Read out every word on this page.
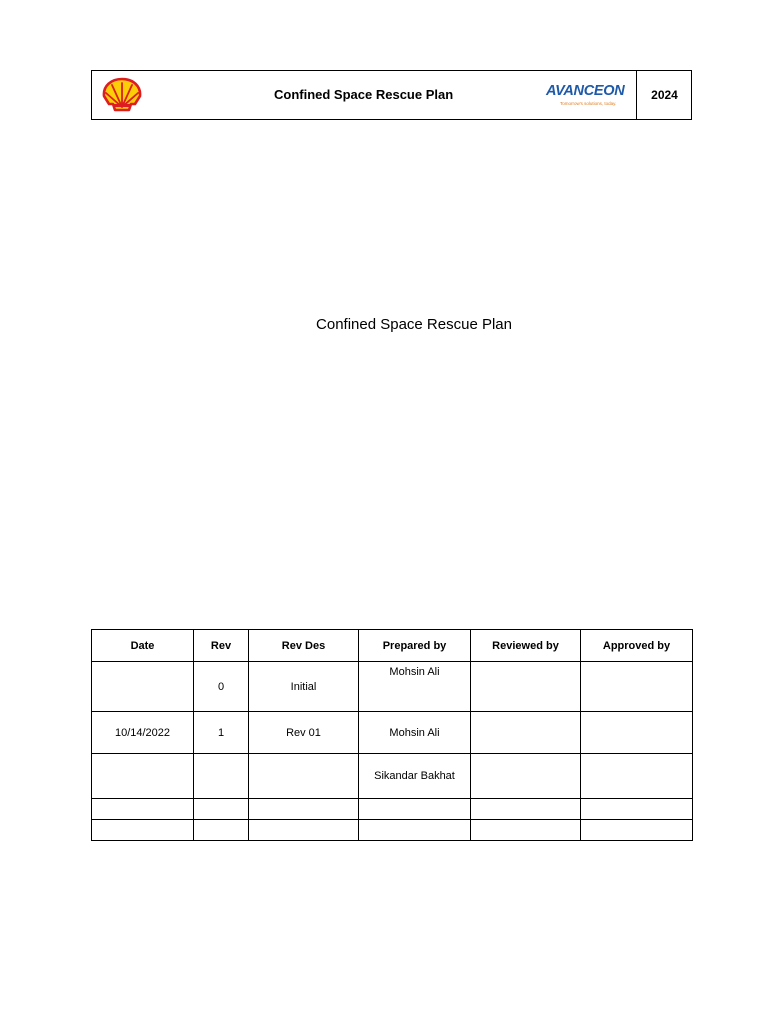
Confined Space Rescue Plan	AVANCEON
Tomorrow's solutions, today.
2024
Confined Space Rescue Plan
Date	Rev	Rev Des	Prepared by	Reviewed by	Approved by
	0	Initial	Mohsin Ali		
10/14/2022	1	Rev 01	Mohsin Ali		
			Sikandar Bakhat		
